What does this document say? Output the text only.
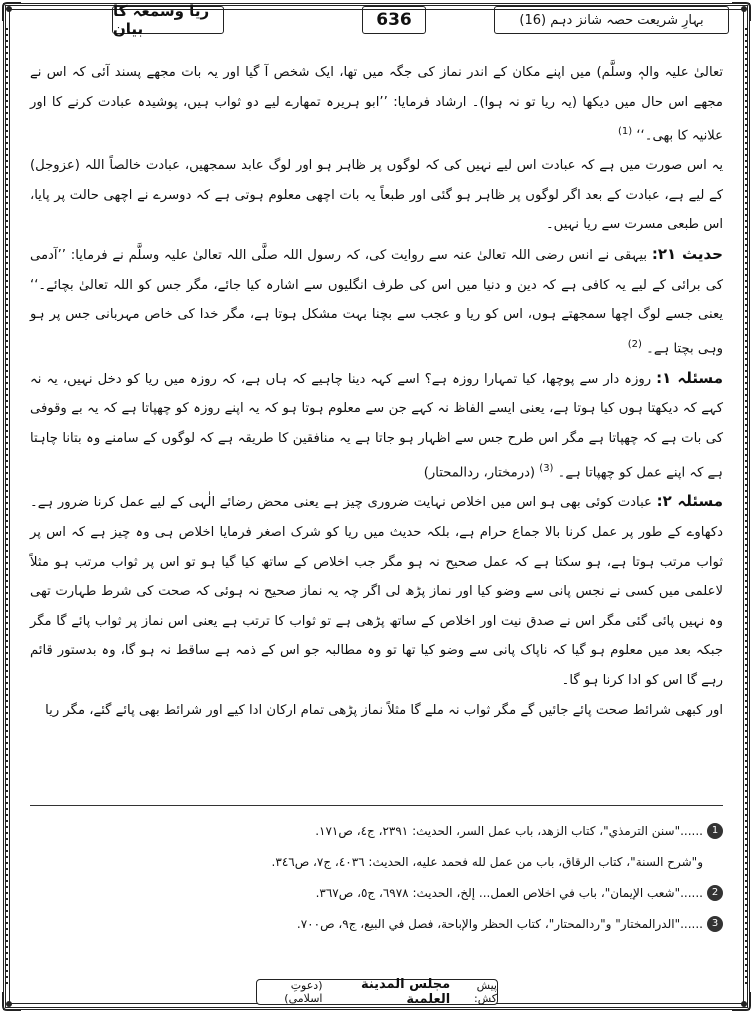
ریا وسمعہ کا بیان	636	بہارِ شریعت حصہ شانز دہم (16)

تعالیٰ علیہ والہٖ وسلَّم) میں اپنے مکان کے اندر نماز کی جگہ میں تھا، ایک شخص آ گیا اور یہ بات مجھے پسند آئی کہ اس نے مجھے اس حال میں دیکھا (یہ ریا تو نہ ہوا)۔ ارشاد فرمایا: ’’ابو ہریرہ تمھارے لیے دو ثواب ہیں، پوشیدہ عبادت کرنے کا اور علانیہ کا بھی۔‘‘ $^{(1)}$

یہ اس صورت میں ہے کہ عبادت اس لیے نہیں کی کہ لوگوں پر ظاہر ہو اور لوگ عابد سمجھیں، عبادت خالصاً اللہ (عزوجل) کے لیے ہے، عبادت کے بعد اگر لوگوں پر ظاہر ہو گئی اور طبعاً یہ بات اچھی معلوم ہوتی ہے کہ دوسرے نے اچھی حالت پر پایا، اس طبعی مسرت سے ریا نہیں۔

حدیث ۲۱: بیہقی نے انس رضی اللہ تعالیٰ عنہ سے روایت کی، کہ رسول اللہ صلَّی اللہ تعالیٰ علیہ وسلَّم نے فرمایا: ’’آدمی کی برائی کے لیے یہ کافی ہے کہ دین و دنیا میں اس کی طرف انگلیوں سے اشارہ کیا جائے، مگر جس کو اللہ تعالیٰ بچائے۔‘‘ یعنی جسے لوگ اچھا سمجھتے ہوں، اس کو ریا و عجب سے بچنا بہت مشکل ہوتا ہے، مگر خدا کی خاص مہربانی جس پر ہو وہی بچتا ہے۔ $^{(2)}$

مسئلہ ۱: روزہ دار سے پوچھا، کیا تمہارا روزہ ہے؟ اسے کہہ دینا چاہیے کہ ہاں ہے، کہ روزہ میں ریا کو دخل نہیں، یہ نہ کہے کہ دیکھتا ہوں کیا ہوتا ہے، یعنی ایسے الفاظ نہ کہے جن سے معلوم ہوتا ہو کہ یہ اپنے روزہ کو چھپاتا ہے کہ یہ بے وقوفی کی بات ہے کہ چھپاتا ہے مگر اس طرح جس سے اظہار ہو جاتا ہے یہ منافقین کا طریقہ ہے کہ لوگوں کے سامنے وہ بتانا چاہتا ہے کہ اپنے عمل کو چھپاتا ہے۔ $^{(3)}$ (درمختار، ردالمحتار)

مسئلہ ۲: عبادت کوئی بھی ہو اس میں اخلاص نہایت ضروری چیز ہے یعنی محض رضائے الٰہی کے لیے عمل کرنا ضرور ہے۔ دکھاوے کے طور پر عمل کرنا بالا جماع حرام ہے، بلکہ حدیث میں ریا کو شرک اصغر فرمایا اخلاص ہی وہ چیز ہے کہ اس پر ثواب مرتب ہوتا ہے، ہو سکتا ہے کہ عمل صحیح نہ ہو مگر جب اخلاص کے ساتھ کیا گیا ہو تو اس پر ثواب مرتب ہو مثلاً لاعلمی میں کسی نے نجس پانی سے وضو کیا اور نماز پڑھ لی اگر چہ یہ نماز صحیح نہ ہوئی کہ صحت کی شرط طہارت تھی وہ نہیں پائی گئی مگر اس نے صدق نیت اور اخلاص کے ساتھ پڑھی ہے تو ثواب کا ترتب ہے یعنی اس نماز پر ثواب پائے گا مگر جبکہ بعد میں معلوم ہو گیا کہ ناپاک پانی سے وضو کیا تھا تو وہ مطالبہ جو اس کے ذمہ ہے ساقط نہ ہو گا، وہ بدستور قائم رہے گا اس کو ادا کرنا ہو گا۔

اور کبھی شرائط صحت پائے جائیں گے مگر ثواب نہ ملے گا مثلاً نماز پڑھی تمام ارکان ادا کیے اور شرائط بھی پائے گئے، مگر ریا

1
......"سنن الترمذي"، كتاب الزهد، باب عمل السر، الحديث: ٢٣٩١، ج٤، ص١٧١.
و"شرح السنة"، كتاب الرقاق، باب من عمل لله فحمد عليه، الحديث: ٤٠٣٦، ج٧، ص٣٤٦.
2
......"شعب الإيمان"، باب في اخلاص العمل... إلخ، الحديث: ٦٩٧٨، ج٥، ص٣٦٧.
3
......"الدرالمختار" و"ردالمحتار"، كتاب الحظر والإباحة، فصل في البيع، ج٩، ص٧٠٠.
پیش کش:
مجلس المدينة العلمية
(دعوتِ اسلامی)
